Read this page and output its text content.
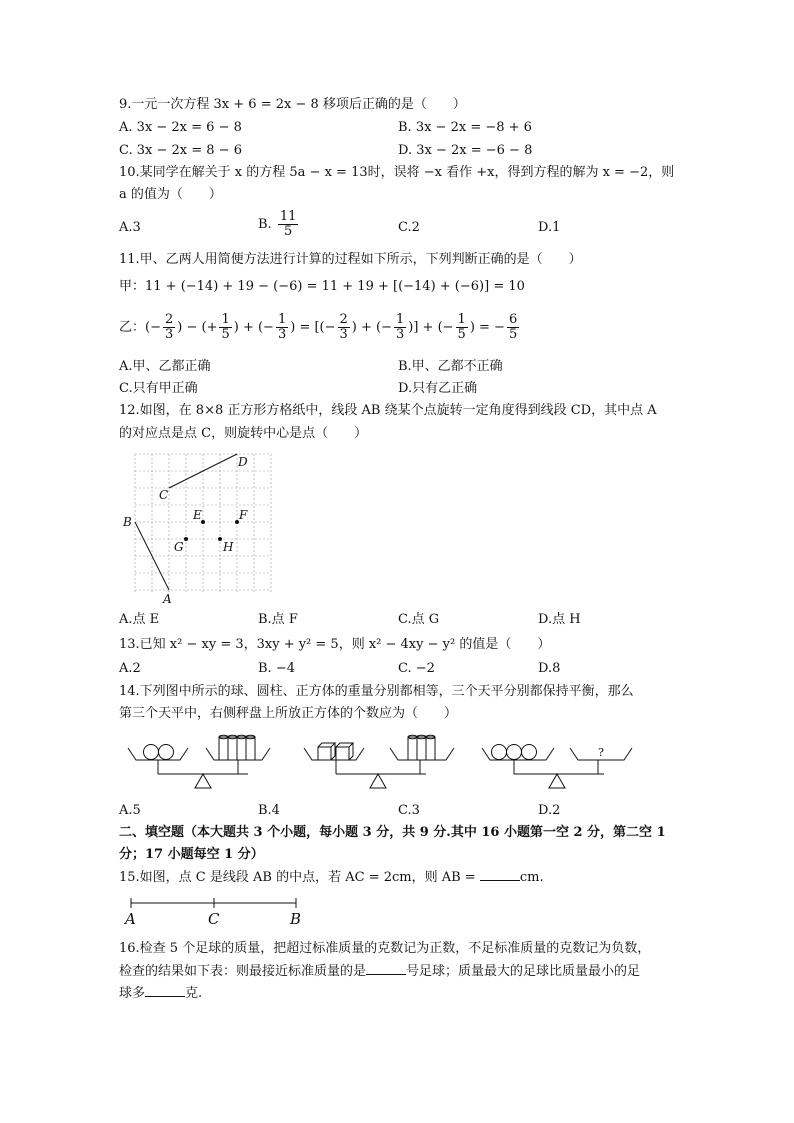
9.一元一次方程 3x + 6 = 2x − 8 移项后正确的是（　　）
A. 3x − 2x = 6 − 8	B. 3x − 2x = −8 + 6
C. 3x − 2x = 8 − 6	D. 3x − 2x = −6 − 8
10.某同学在解关于 x 的方程 5a − x = 13时，误将 −x 看作 +x，得到方程的解为 x = −2，则
a 的值为（　　）
A.3	B. $\frac{11}{5}$	C.2	D.1
11.甲、乙两人用简便方法进行计算的过程如下所示，下列判断正确的是（　　）
甲：11 + (−14) + 19 − (−6) = 11 + 19 + [(−14) + (−6)] = 10
乙：(− $\frac{2}{3}$ ) − (+ $\frac{1}{5}$ ) + (− $\frac{1}{3}$ ) = [(− $\frac{2}{3}$ ) + (− $\frac{1}{3}$ )] + (− $\frac{1}{5}$ ) = − $\frac{6}{5}$
A.甲、乙都正确	B.甲、乙都不正确
C.只有甲正确	D.只有乙正确
12.如图，在 8×8 正方形方格纸中，线段 AB 绕某个点旋转一定角度得到线段 CD，其中点 A
的对应点是点 C，则旋转中心是点（　　）
B
A
C
D
E	F
G	H
A.点 E	B.点 F	C.点 G	D.点 H
13.已知 x² − xy = 3，3xy + y² = 5，则 x² − 4xy − y² 的值是（　　）
A.2	B. −4	C. −2	D.8
14.下列图中所示的球、圆柱、正方体的重量分别都相等，三个天平分别都保持平衡，那么
第三个天平中，右侧秤盘上所放正方体的个数应为（　　）
?
A.5	B.4	C.3	D.2
二、填空题（本大题共 3 个小题，每小题 3 分，共 9 分.其中 16 小题第一空 2 分，第二空 1
分；17 小题每空 1 分）
15.如图，点 C 是线段 AB 的中点，若 AC = 2cm，则 AB =	cm.
A	C	B
16.检查 5 个足球的质量，把超过标准质量的克数记为正数，不足标准质量的克数记为负数，
检查的结果如下表：则最接近标准质量的是	号足球；质量最大的足球比质量最小的足
球多	克.
